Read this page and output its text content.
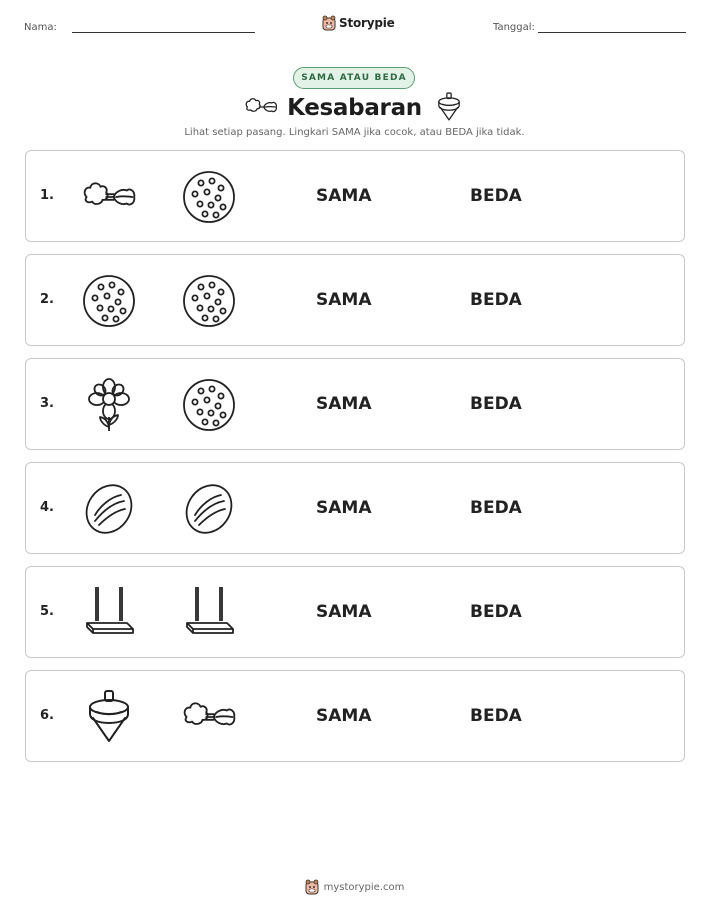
Nama:	Storypie	Tanggal:
SAMA ATAU BEDA
Kesabaran
Lihat setiap pasang. Lingkari SAMA jika cocok, atau BEDA jika tidak.
1.	SAMA	BEDA
2.	SAMA	BEDA
3.	SAMA	BEDA
4.	SAMA	BEDA
5.	SAMA	BEDA
6.	SAMA	BEDA
mystorypie.com
